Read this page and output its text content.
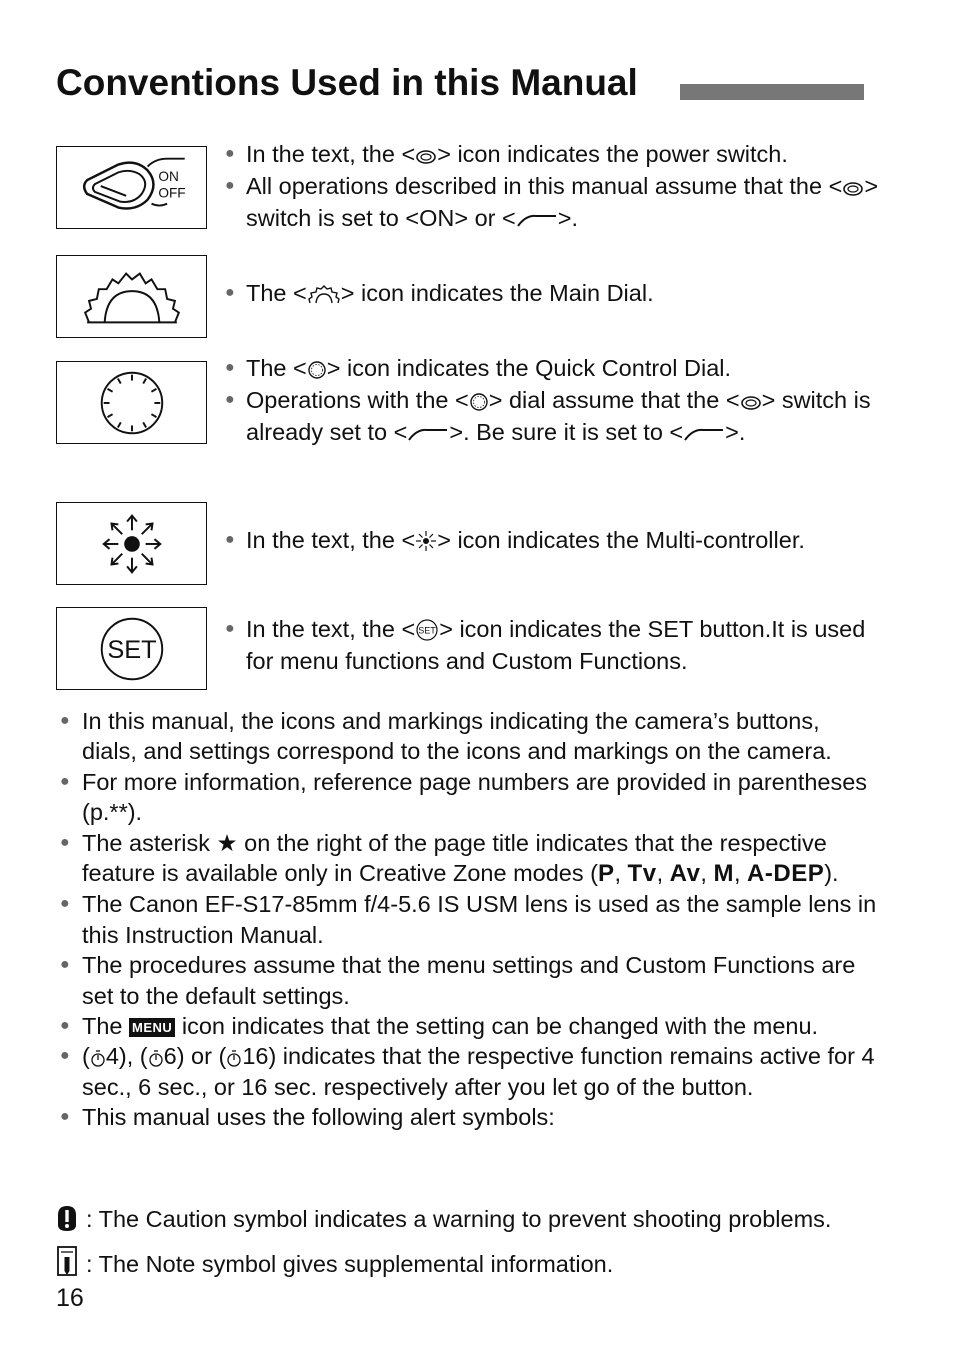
Conventions Used in this Manual
ON
OFF

● In the text, the < > icon indicates the power switch.

● All operations described in this manual assume that the < > switch is set to <ON> or < >.

● The < > icon indicates the Main Dial.

● The < > icon indicates the Quick Control Dial.

● Operations with the < > dial assume that the < > switch is already set to < >. Be sure it is set to < >.

● In the text, the < > icon indicates the Multi-controller.

SET

● In the text, the < SET > icon indicates the SET button.It is used for menu functions and Custom Functions.

● In this manual, the icons and markings indicating the camera’s buttons, dials, and settings correspond to the icons and markings on the camera.

● For more information, reference page numbers are provided in parentheses (p.**).

● The asterisk ★ on the right of the page title indicates that the respective feature is available only in Creative Zone modes (P, Tv, Av, M, A-DEP).

● The Canon EF-S17-85mm f/4-5.6 IS USM lens is used as the sample lens in this Instruction Manual.

● The procedures assume that the menu settings and Custom Functions are set to the default settings.

● The MENU icon indicates that the setting can be changed with the menu.

● ( 4), ( 6) or ( 16) indicates that the respective function remains active for 4 sec., 6 sec., or 16 sec. respectively after you let go of the button.

● This manual uses the following alert symbols:

: The Caution symbol indicates a warning to prevent shooting problems.
: The Note symbol gives supplemental information.
16
